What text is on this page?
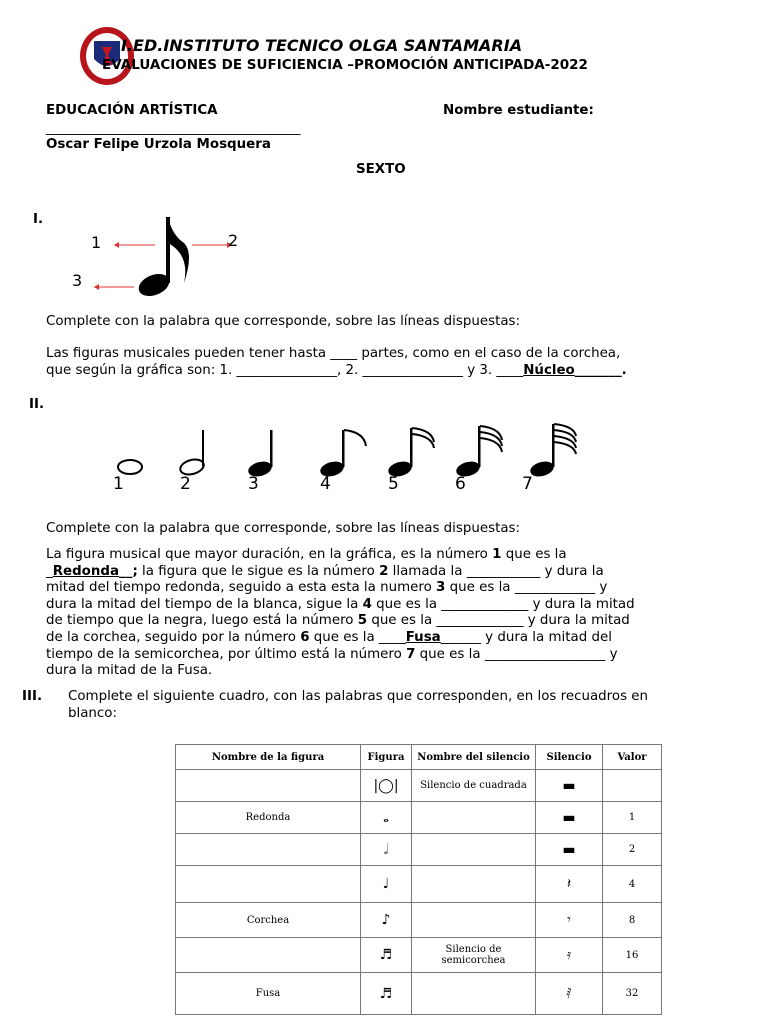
I.ED.INSTITUTO TECNICO OLGA SANTAMARIA
EVALUACIONES DE SUFICIENCIA –PROMOCIÓN ANTICIPADA-2022
EDUCACIÓN ARTÍSTICA	Nombre estudiante:
______________________________________
Oscar Felipe Urzola Mosquera
SEXTO
I.
1	2
3
Complete con la palabra que corresponde, sobre las líneas dispuestas:
Las figuras musicales pueden tener hasta ____ partes, como en el caso de la corchea,
que según la gráfica son: 1. _______________, 2. _______________ y 3. ____Núcleo_______.
II.
1	2	3	4	5	6	7
Complete con la palabra que corresponde, sobre las líneas dispuestas:
La figura musical que mayor duración, en la gráfica, es la número 1 que es la
_Redonda__; la figura que le sigue es la número 2 llamada la ___________ y dura la
mitad del tiempo redonda, seguido a esta esta la numero 3 que es la ____________ y
dura la mitad del tiempo de la blanca, sigue la 4 que es la _____________ y dura la mitad
de tiempo que la negra, luego está la número 5 que es la _____________ y dura la mitad
de la corchea, seguido por la número 6 que es la ____Fusa______ y dura la mitad del
tiempo de la semicorchea, por último está la número 7 que es la __________________ y
dura la mitad de la Fusa.
III. Complete el siguiente cuadro, con las palabras que corresponden, en los recuadros en
blanco:
Nombre de la figura	Figura	Nombre del silencio	Silencio	Valor
	|◯|	Silencio de cuadrada	▬	
Redonda	𝅝		▬	1
	𝅗𝅥		▬	2
	♩		𝄽	4
Corchea	♪		𝄾	8
	♬	Silencio de semicorchea	𝄿	16
Fusa	♬		𝅀	32
